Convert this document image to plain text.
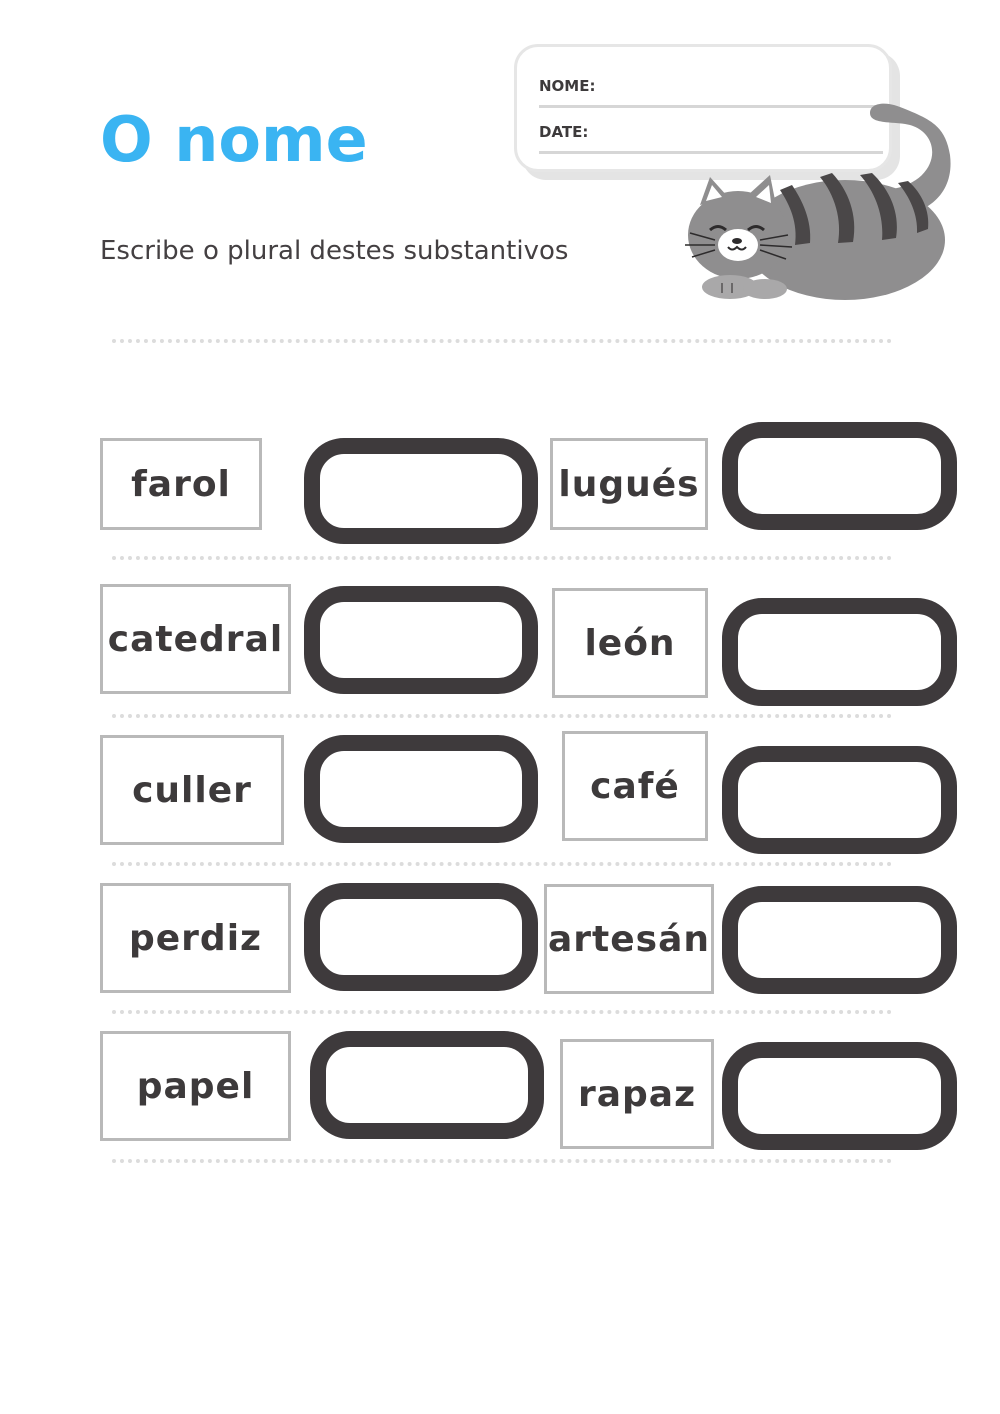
O nome

Escribe o plural destes substantivos

NOME:
DATE:
farol	lugués
catedral	león
culler	café
perdiz	artesán
papel	rapaz
